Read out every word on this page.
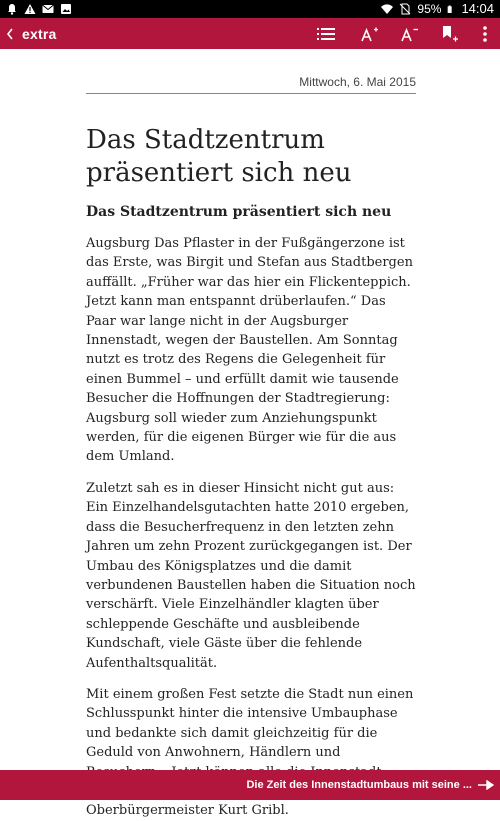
95% 14:04
extra
Mittwoch, 6. Mai 2015
Das Stadtzentrum präsentiert sich neu
Das Stadtzentrum präsentiert sich neu

Augsburg Das Pflaster in der Fußgängerzone ist das Erste, was Birgit und Stefan aus Stadtbergen auffällt. „Früher war das hier ein Flickenteppich. Jetzt kann man entspannt drüberlaufen.“ Das Paar war lange nicht in der Augsburger Innenstadt, wegen der Baustellen. Am Sonntag nutzt es trotz des Regens die Gelegenheit für einen Bummel – und erfüllt damit wie tausende Besucher die Hoffnungen der Stadtregierung: Augsburg soll wieder zum Anziehungspunkt werden, für die eigenen Bürger wie für die aus dem Umland.

Zuletzt sah es in dieser Hinsicht nicht gut aus: Ein Einzelhandelsgutachten hatte 2010 ergeben, dass die Besucherfrequenz in den letzten zehn Jahren um zehn Prozent zurückgegangen ist. Der Umbau des Königsplatzes und die damit verbundenen Baustellen haben die Situation noch verschärft. Viele Einzelhändler klagten über schleppende Geschäfte und ausbleibende Kundschaft, viele Gäste über die fehlende Aufenthaltsqualität.

Mit einem großen Fest setzte die Stadt nun einen Schlusspunkt hinter die intensive Umbauphase und bedankte sich damit gleichzeitig für die Geduld von Anwohnern, Händlern und Oberbürgermeister Kurt Gribl.

Die Zeit des Innenstadtumbaus mit seine ...
